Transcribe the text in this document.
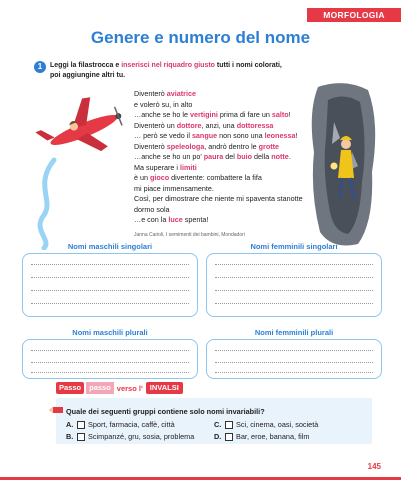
MORFOLOGIA
Genere e numero del nome
1	Leggi la filastrocca e inserisci nel riquadro giusto tutti i nomi colorati,
poi aggiungine altri tu.
Diventerò aviatrice
e volerò su, in alto
…anche se ho le vertigini prima di fare un salto!
Diventerò un dottore, anzi, una dottoressa
… però se vedo il sangue non sono una leonessa!
Diventerò speleologa, andrò dentro le grotte
…anche se ho un po' paura del buio della notte.
Ma superare i limiti
è un gioco divertente: combattere la fifa
mi piace immensamente.
Così, per dimostrare che niente mi spaventa stanotte
dormo sola
…e con la luce spenta!
Janna Carioli, I semimenti dei bambini, Mondadori
Nomi maschili singolari	Nomi femminili singolari
Nomi maschili plurali	Nomi femminili plurali
Passo	passo verso l' INVALSI
Quale dei seguenti gruppi contiene solo nomi invariabili?
A.	Sport, farmacia, caffè, città
B.	Scimpanzé, gru, sosia, problema
C.	Sci, cinema, oasi, società
D.	Bar, eroe, banana, film
145
